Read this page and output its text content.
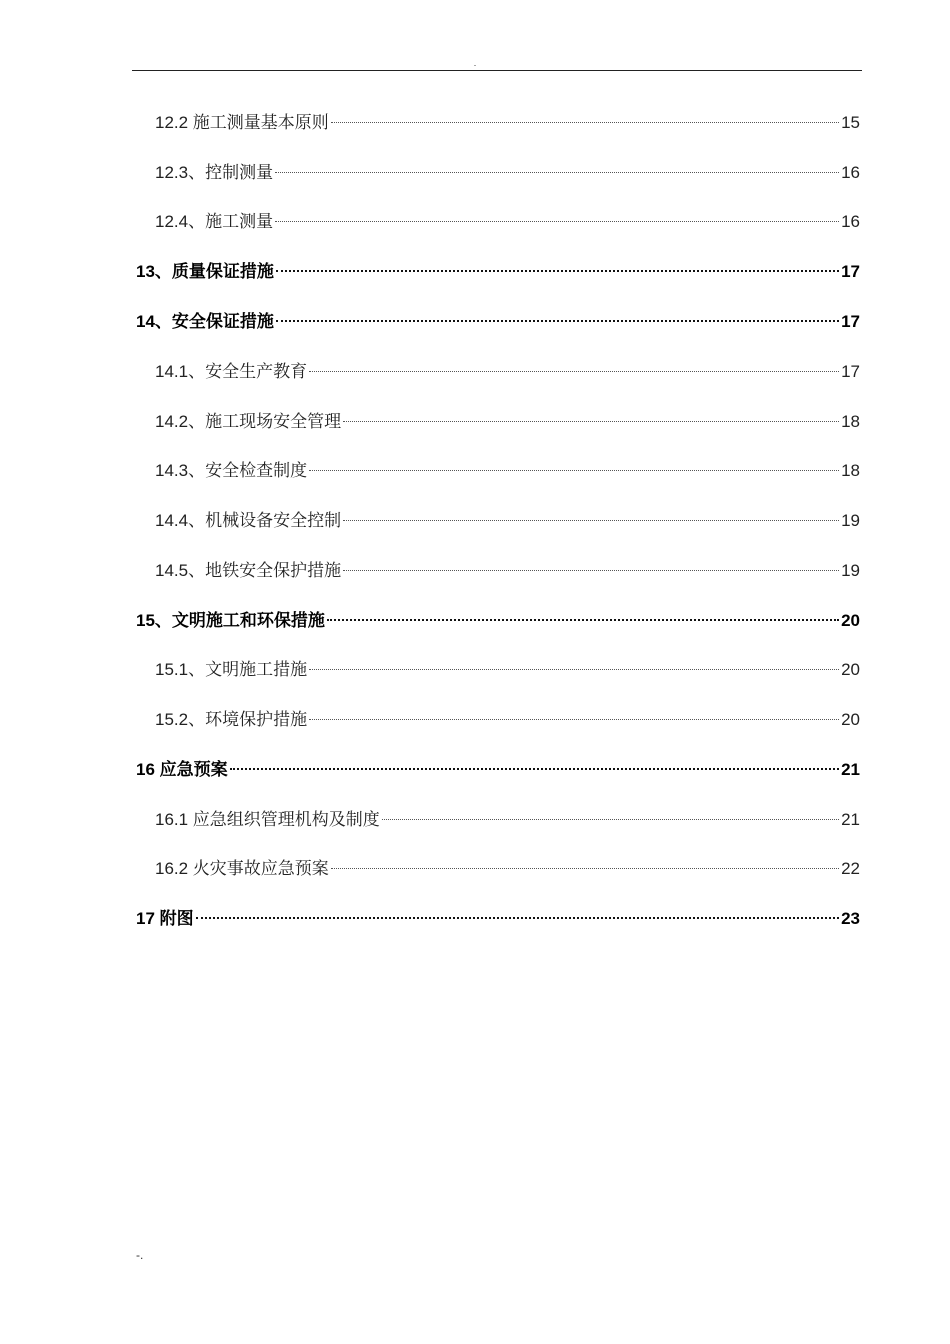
.
12.2 施工测量基本原则	15
12.3、控制测量	16
12.4、施工测量	16
13、质量保证措施	17
14、安全保证措施	17
14.1、安全生产教育	17
14.2、施工现场安全管理	18
14.3、安全检查制度	18
14.4、机械设备安全控制	19
14.5、地铁安全保护措施	19
15、文明施工和环保措施	20
15.1、文明施工措施	20
15.2、环境保护措施	20
16 应急预案	21
16.1 应急组织管理机构及制度	21
16.2 火灾事故应急预案	22
17 附图	23
-.
